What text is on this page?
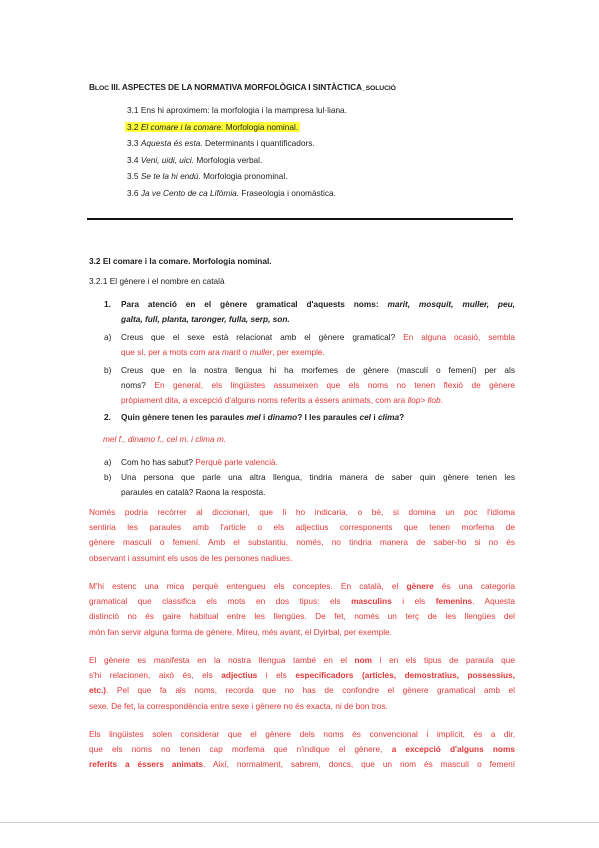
BLOC III. ASPECTES DE LA NORMATIVA MORFOLÒGICA I SINTÀCTICA_SOLUCIÓ
3.1 Ens hi aproximem: la morfologia i la mampresa lul·liana.
3.2 El comare i la comare. Morfologia nominal.
3.3 Aquesta és esta. Determinants i quantificadors.
3.4 Veni, uidi, uici. Morfologia verbal.
3.5 Se te la hi endú. Morfologia pronominal.
3.6 Ja ve Cento de ca Lifòmia. Fraseologia i onomàstica.
3.2 El comare i la comare. Morfologia nominal.
3.2.1 El gènere i el nombre en català
1.	Para atenció en el gènere gramatical d'aquests noms: marit, mosquit, muller, peu,
galta, full, planta, taronger, fulla, serp, son.
a) Creus que el sexe està relacionat amb el gènere gramatical? En alguna ocasió, sembla
que sí, per a mots com ara marit o muller, per exemple.
b) Creus que en la nostra llengua hi ha morfemes de gènere (masculí o femení) per als
noms? En general, els lingüistes assumeixen que els noms no tenen flexió de gènere
pròpiament dita, a excepció d'alguns noms referits a éssers animats, com ara llop> llob.
2. Quin gènere tenen les paraules mel i dinamo? I les paraules cel i clima?
mel f., dinamo f., cel m. i clima m.
a) Com ho has sabut? Perquè parle valencià.
b) Una persona que parle una altra llengua, tindria manera de saber quin gènere tenen les
paraules en català? Raona la resposta.
Només podria recórrer al diccionari, que li ho indicaria, o bé, si domina un poc l'idioma
sentiria les paraules amb l'article o els adjectius corresponents que tenen morfema de
gènere masculí o femení. Amb el substantiu, només, no tindria manera de saber-ho si no és
observant i assumint els usos de les persones nadiues.
M'hi estenc una mica perquè entengueu els conceptes. En català, el gènere és una categoria
gramatical que classifica els mots en dos tipus: els masculins i els femenins. Aquesta
distinció no és gaire habitual entre les llengües. De fet, només un terç de les llengües del
món fan servir alguna forma de gènere. Mireu, més avant, el Dyirbal, per exemple.
El gènere es manifesta en la nostra llengua també en el nom i en els tipus de paraula que
s'hi relacionen, això és, els adjectius i els especificadors (articles, demostratius, possessius,
etc.). Pel que fa als noms, recorda que no has de confondre el gènere gramatical amb el
sexe. De fet, la correspondència entre sexe i gènere no és exacta, ni de bon tros.
Els lingüistes solen considerar que el gènere dels noms és convencional i implícit, és a dir,
que els noms no tenen cap morfema que n'indique el gènere, a excepció d'alguns noms
referits a éssers animats. Així, normalment, sabrem, doncs, que un nom és masculí o femení
